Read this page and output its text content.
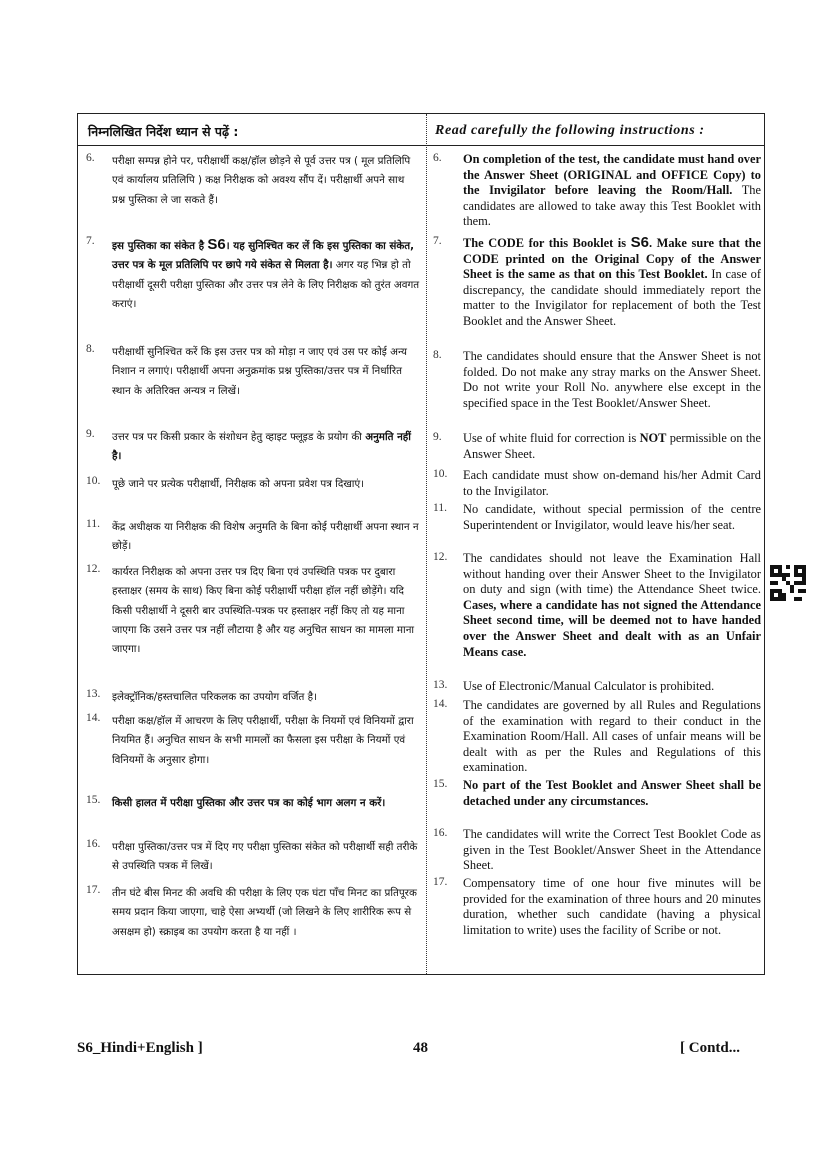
निम्नलिखित निर्देश ध्यान से पढ़ें :	Read carefully the following instructions :
6.	परीक्षा सम्पन्न होने पर, परीक्षार्थी कक्ष/हॉल छोड़ने से पूर्व उत्तर पत्र ( मूल प्रतिलिपि एवं कार्यालय प्रतिलिपि ) कक्ष निरीक्षक को अवश्य सौंप दें। परीक्षार्थी अपने साथ प्रश्न पुस्तिका ले जा सकते हैं।
7.	इस पुस्तिका का संकेत है S6। यह सुनिश्चित कर लें कि इस पुस्तिका का संकेत, उत्तर पत्र के मूल प्रतिलिपि पर छापे गये संकेत से मिलता है। अगर यह भिन्न हो तो परीक्षार्थी दूसरी परीक्षा पुस्तिका और उत्तर पत्र लेने के लिए निरीक्षक को तुरंत अवगत कराएं।
8.	परीक्षार्थी सुनिश्चित करें कि इस उत्तर पत्र को मोड़ा न जाए एवं उस पर कोई अन्य निशान न लगाएं। परीक्षार्थी अपना अनुक्रमांक प्रश्न पुस्तिका/उत्तर पत्र में निर्धारित स्थान के अतिरिक्त अन्यत्र न लिखें।
9.	उत्तर पत्र पर किसी प्रकार के संशोधन हेतु व्हाइट फ्लूइड के प्रयोग की अनुमति नहीं है।
10.	पूछे जाने पर प्रत्येक परीक्षार्थी, निरीक्षक को अपना प्रवेश पत्र दिखाएं।
11.	केंद्र अधीक्षक या निरीक्षक की विशेष अनुमति के बिना कोई परीक्षार्थी अपना स्थान न छोड़ें।
12.	कार्यरत निरीक्षक को अपना उत्तर पत्र दिए बिना एवं उपस्थिति पत्रक पर दुबारा हस्ताक्षर (समय के साथ) किए बिना कोई परीक्षार्थी परीक्षा हॉल नहीं छोड़ेंगे। यदि किसी परीक्षार्थी ने दूसरी बार उपस्थिति-पत्रक पर हस्ताक्षर नहीं किए तो यह माना जाएगा कि उसने उत्तर पत्र नहीं लौटाया है और यह अनुचित साधन का मामला माना जाएगा।
13.	इलेक्ट्रॉनिक/हस्तचालित परिकलक का उपयोग वर्जित है।
14.	परीक्षा कक्ष/हॉल में आचरण के लिए परीक्षार्थी, परीक्षा के नियमों एवं विनियमों द्वारा नियमित हैं। अनुचित साधन के सभी मामलों का फैसला इस परीक्षा के नियमों एवं विनियमों के अनुसार होगा।
15.	किसी हालत में परीक्षा पुस्तिका और उत्तर पत्र का कोई भाग अलग न करें।
16.	परीक्षा पुस्तिका/उत्तर पत्र में दिए गए परीक्षा पुस्तिका संकेत को परीक्षार्थी सही तरीके से उपस्थिति पत्रक में लिखें।
17.	तीन घंटे बीस मिनट की अवधि की परीक्षा के लिए एक घंटा पाँच मिनट का प्रतिपूरक समय प्रदान किया जाएगा, चाहे ऐसा अभ्यर्थी (जो लिखने के लिए शारीरिक रूप से असक्षम हो) स्क्राइब का उपयोग करता है या नहीं ।
6.	On completion of the test, the candidate must hand over the Answer Sheet (ORIGINAL and OFFICE Copy) to the Invigilator before leaving the Room/Hall. The candidates are allowed to take away this Test Booklet with them.
7.	The CODE for this Booklet is S6. Make sure that the CODE printed on the Original Copy of the Answer Sheet is the same as that on this Test Booklet. In case of discrepancy, the candidate should immediately report the matter to the Invigilator for replacement of both the Test Booklet and the Answer Sheet.
8.	The candidates should ensure that the Answer Sheet is not folded. Do not make any stray marks on the Answer Sheet. Do not write your Roll No. anywhere else except in the specified space in the Test Booklet/Answer Sheet.
9.	Use of white fluid for correction is NOT permissible on the Answer Sheet.
10.	Each candidate must show on-demand his/her Admit Card to the Invigilator.
11.	No candidate, without special permission of the centre Superintendent or Invigilator, would leave his/her seat.
12.	The candidates should not leave the Examination Hall without handing over their Answer Sheet to the Invigilator on duty and sign (with time) the Attendance Sheet twice. Cases, where a candidate has not signed the Attendance Sheet second time, will be deemed not to have handed over the Answer Sheet and dealt with as an Unfair Means case.
13.	Use of Electronic/Manual Calculator is prohibited.
14.	The candidates are governed by all Rules and Regulations of the examination with regard to their conduct in the Examination Room/Hall. All cases of unfair means will be dealt with as per the Rules and Regulations of this examination.
15.	No part of the Test Booklet and Answer Sheet shall be detached under any circumstances.
16.	The candidates will write the Correct Test Booklet Code as given in the Test Booklet/Answer Sheet in the Attendance Sheet.
17.	Compensatory time of one hour five minutes will be provided for the examination of three hours and 20 minutes duration, whether such candidate (having a physical limitation to write) uses the facility of Scribe or not.
S6_Hindi+English ]	48	[ Contd...
